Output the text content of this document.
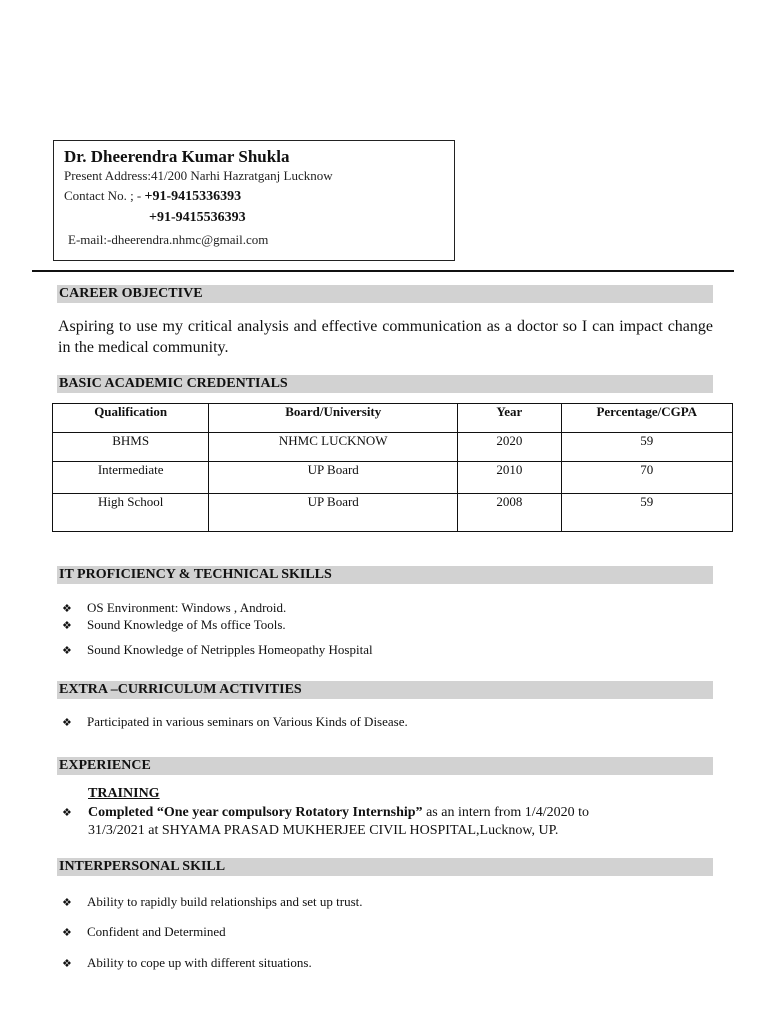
Dr. Dheerendra Kumar Shukla
Present Address:41/200 Narhi Hazratganj Lucknow
Contact No. ; - +91-9415336393
+91-9415536393
E-mail:-dheerendra.nhmc@gmail.com
CAREER OBJECTIVE
Aspiring to use my critical analysis and effective communication as a doctor so I can impact change in the medical community.
BASIC ACADEMIC CREDENTIALS
Qualification	Board/University	Year	Percentage/CGPA
BHMS	NHMC LUCKNOW	2020	59
Intermediate	UP Board	2010	70
High School	UP Board	2008	59
IT PROFICIENCY & TECHNICAL SKILLS
❖ OS Environment: Windows , Android.
❖ Sound Knowledge of Ms office Tools.
❖ Sound Knowledge of Netripples Homeopathy Hospital
EXTRA –CURRICULUM ACTIVITIES
❖ Participated in various seminars on Various Kinds of Disease.
EXPERIENCE
TRAINING
❖ Completed “One year compulsory Rotatory Internship” as an intern from 1/4/2020 to
31/3/2021 at SHYAMA PRASAD MUKHERJEE CIVIL HOSPITAL,Lucknow, UP.
INTERPERSONAL SKILL
❖ Ability to rapidly build relationships and set up trust.
❖ Confident and Determined
❖ Ability to cope up with different situations.
